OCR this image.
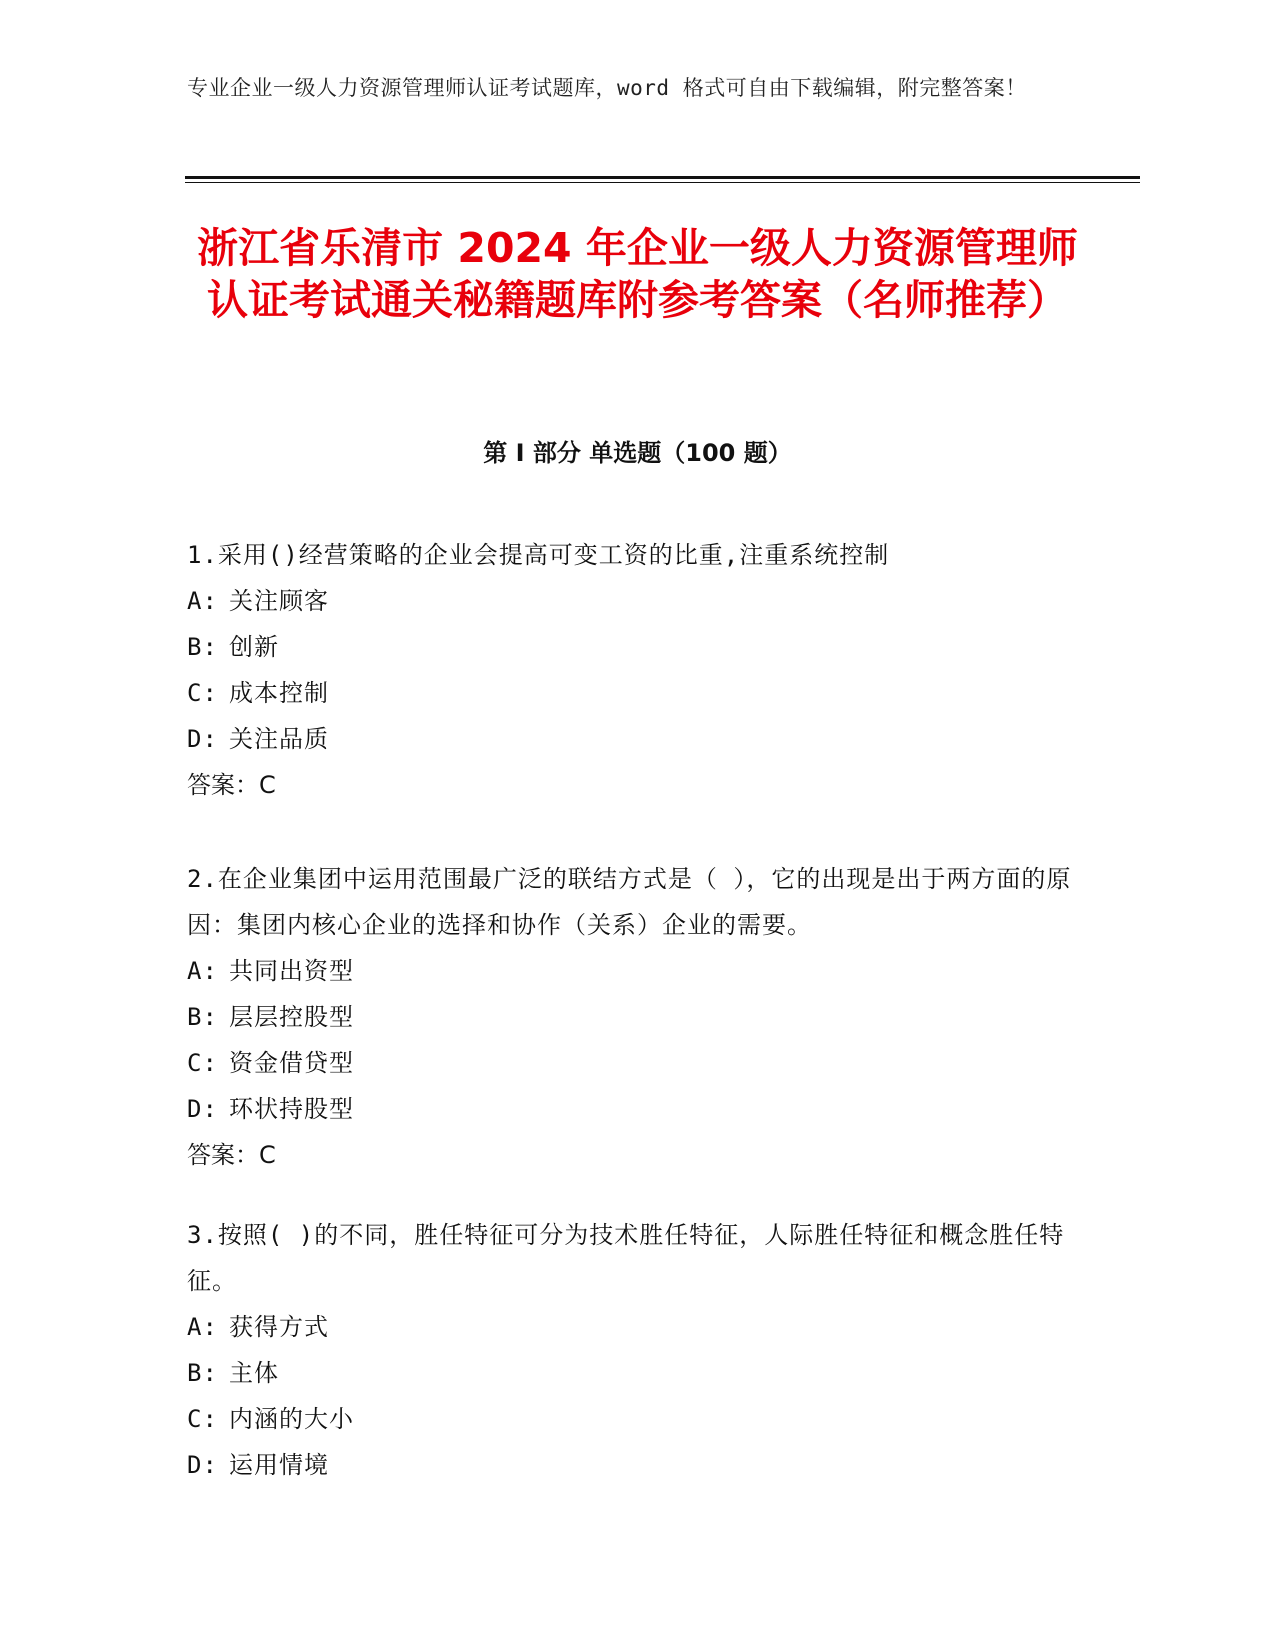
专业企业一级人力资源管理师认证考试题库，word 格式可自由下载编辑，附完整答案！
浙江省乐清市 2024 年企业一级人力资源管理师认证考试通关秘籍题库附参考答案（名师推荐）
第 I 部分 单选题（100 题）

1.采用()经营策略的企业会提高可变工资的比重,注重系统控制

A: 关注顾客
B: 创新
C: 成本控制
D: 关注品质

答案：C

2.在企业集团中运用范围最广泛的联结方式是（ ），它的出现是出于两方面的原因：集团内核心企业的选择和协作（关系）企业的需要。

A: 共同出资型
B: 层层控股型
C: 资金借贷型
D: 环状持股型

答案：C

3.按照( )的不同，胜任特征可分为技术胜任特征，人际胜任特征和概念胜任特征。

A: 获得方式
B: 主体
C: 内涵的大小
D: 运用情境
